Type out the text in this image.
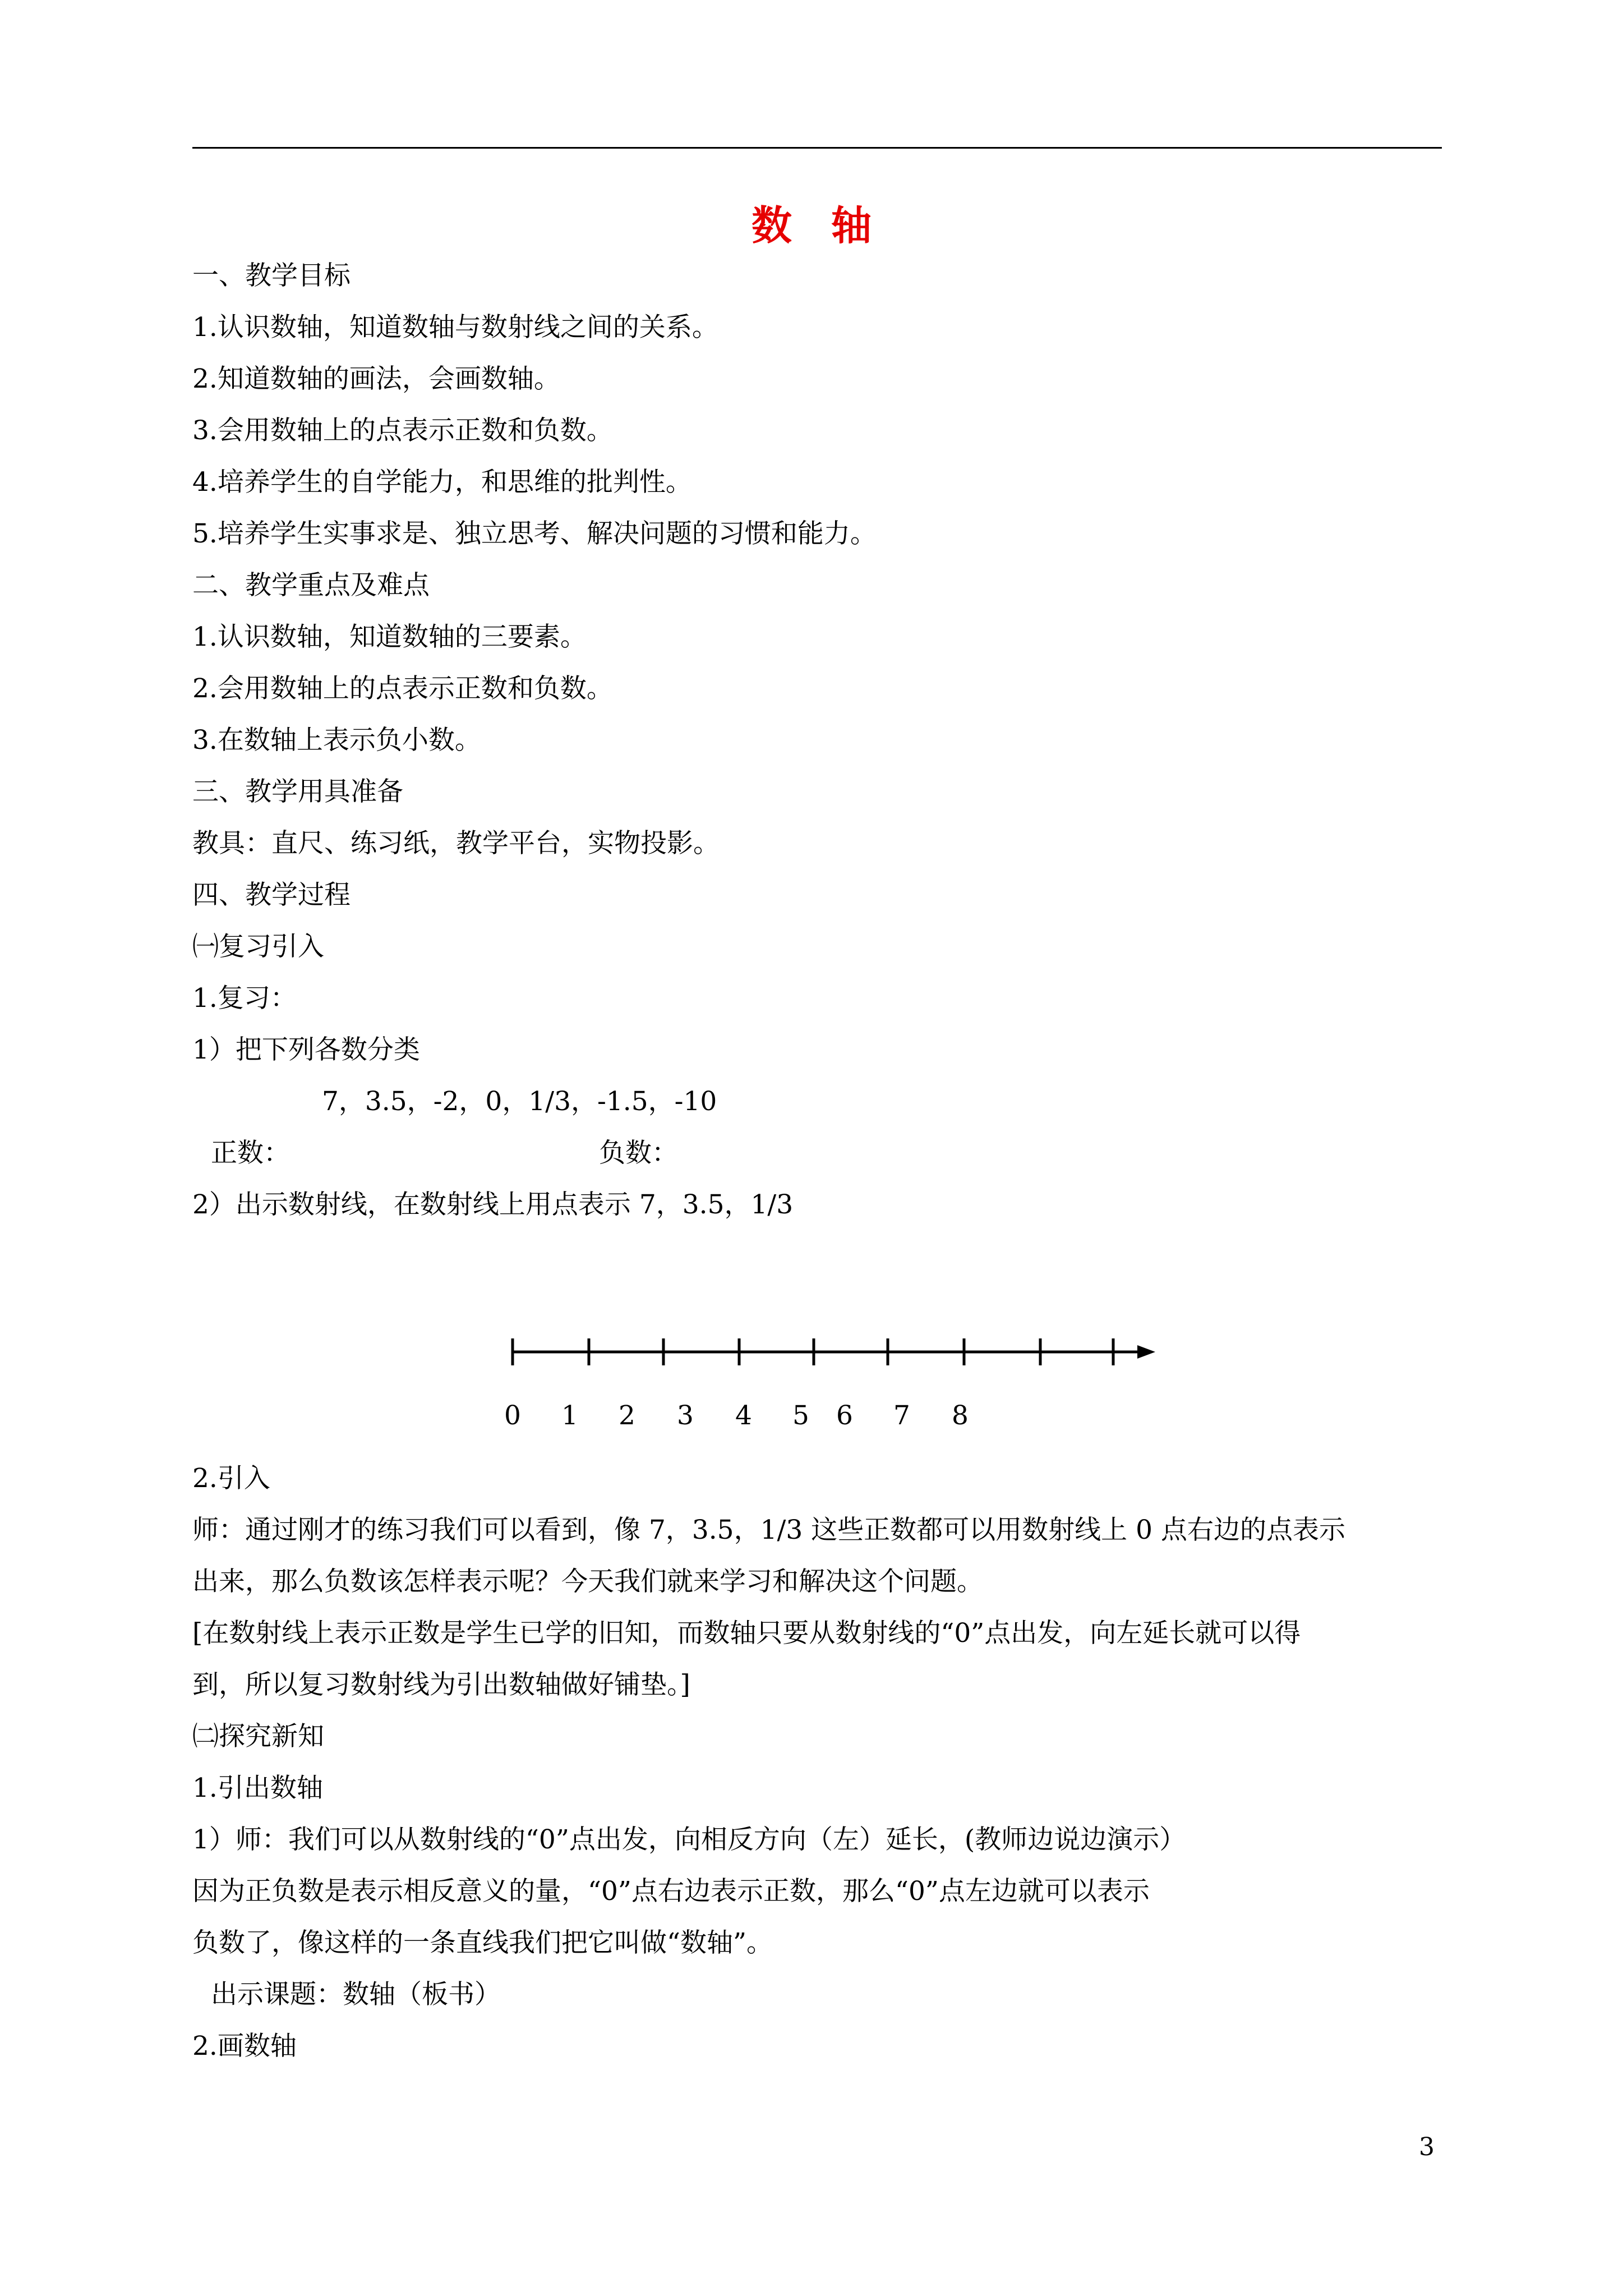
数 轴
一、教学目标
1.认识数轴，知道数轴与数射线之间的关系。
2.知道数轴的画法，会画数轴。
3.会用数轴上的点表示正数和负数。
4.培养学生的自学能力，和思维的批判性。
5.培养学生实事求是、独立思考、解决问题的习惯和能力。
二、教学重点及难点
1.认识数轴，知道数轴的三要素。
2.会用数轴上的点表示正数和负数。
3.在数轴上表示负小数。
三、教学用具准备
教具：直尺、练习纸，教学平台，实物投影。
四、教学过程
㈠复习引入
1.复习：
1）把下列各数分类
7，3.5，-2，0，1/3，-1.5，-10
正数：	负数：
2）出示数射线，在数射线上用点表示 7，3.5，1/3
0 1 2 3 4 5 6 7 8
2.引入
师：通过刚才的练习我们可以看到，像 7，3.5，1/3 这些正数都可以用数射线上 0 点右边的点表示
出来，那么负数该怎样表示呢？今天我们就来学习和解决这个问题。
[在数射线上表示正数是学生已学的旧知，而数轴只要从数射线的“0”点出发，向左延长就可以得
到，所以复习数射线为引出数轴做好铺垫。]
㈡探究新知
1.引出数轴
1）师：我们可以从数射线的“0”点出发，向相反方向（左）延长，(教师边说边演示）
因为正负数是表示相反意义的量，“0”点右边表示正数，那么“0”点左边就可以表示
负数了，像这样的一条直线我们把它叫做“数轴”。
出示课题：数轴（板书）
2.画数轴
3
